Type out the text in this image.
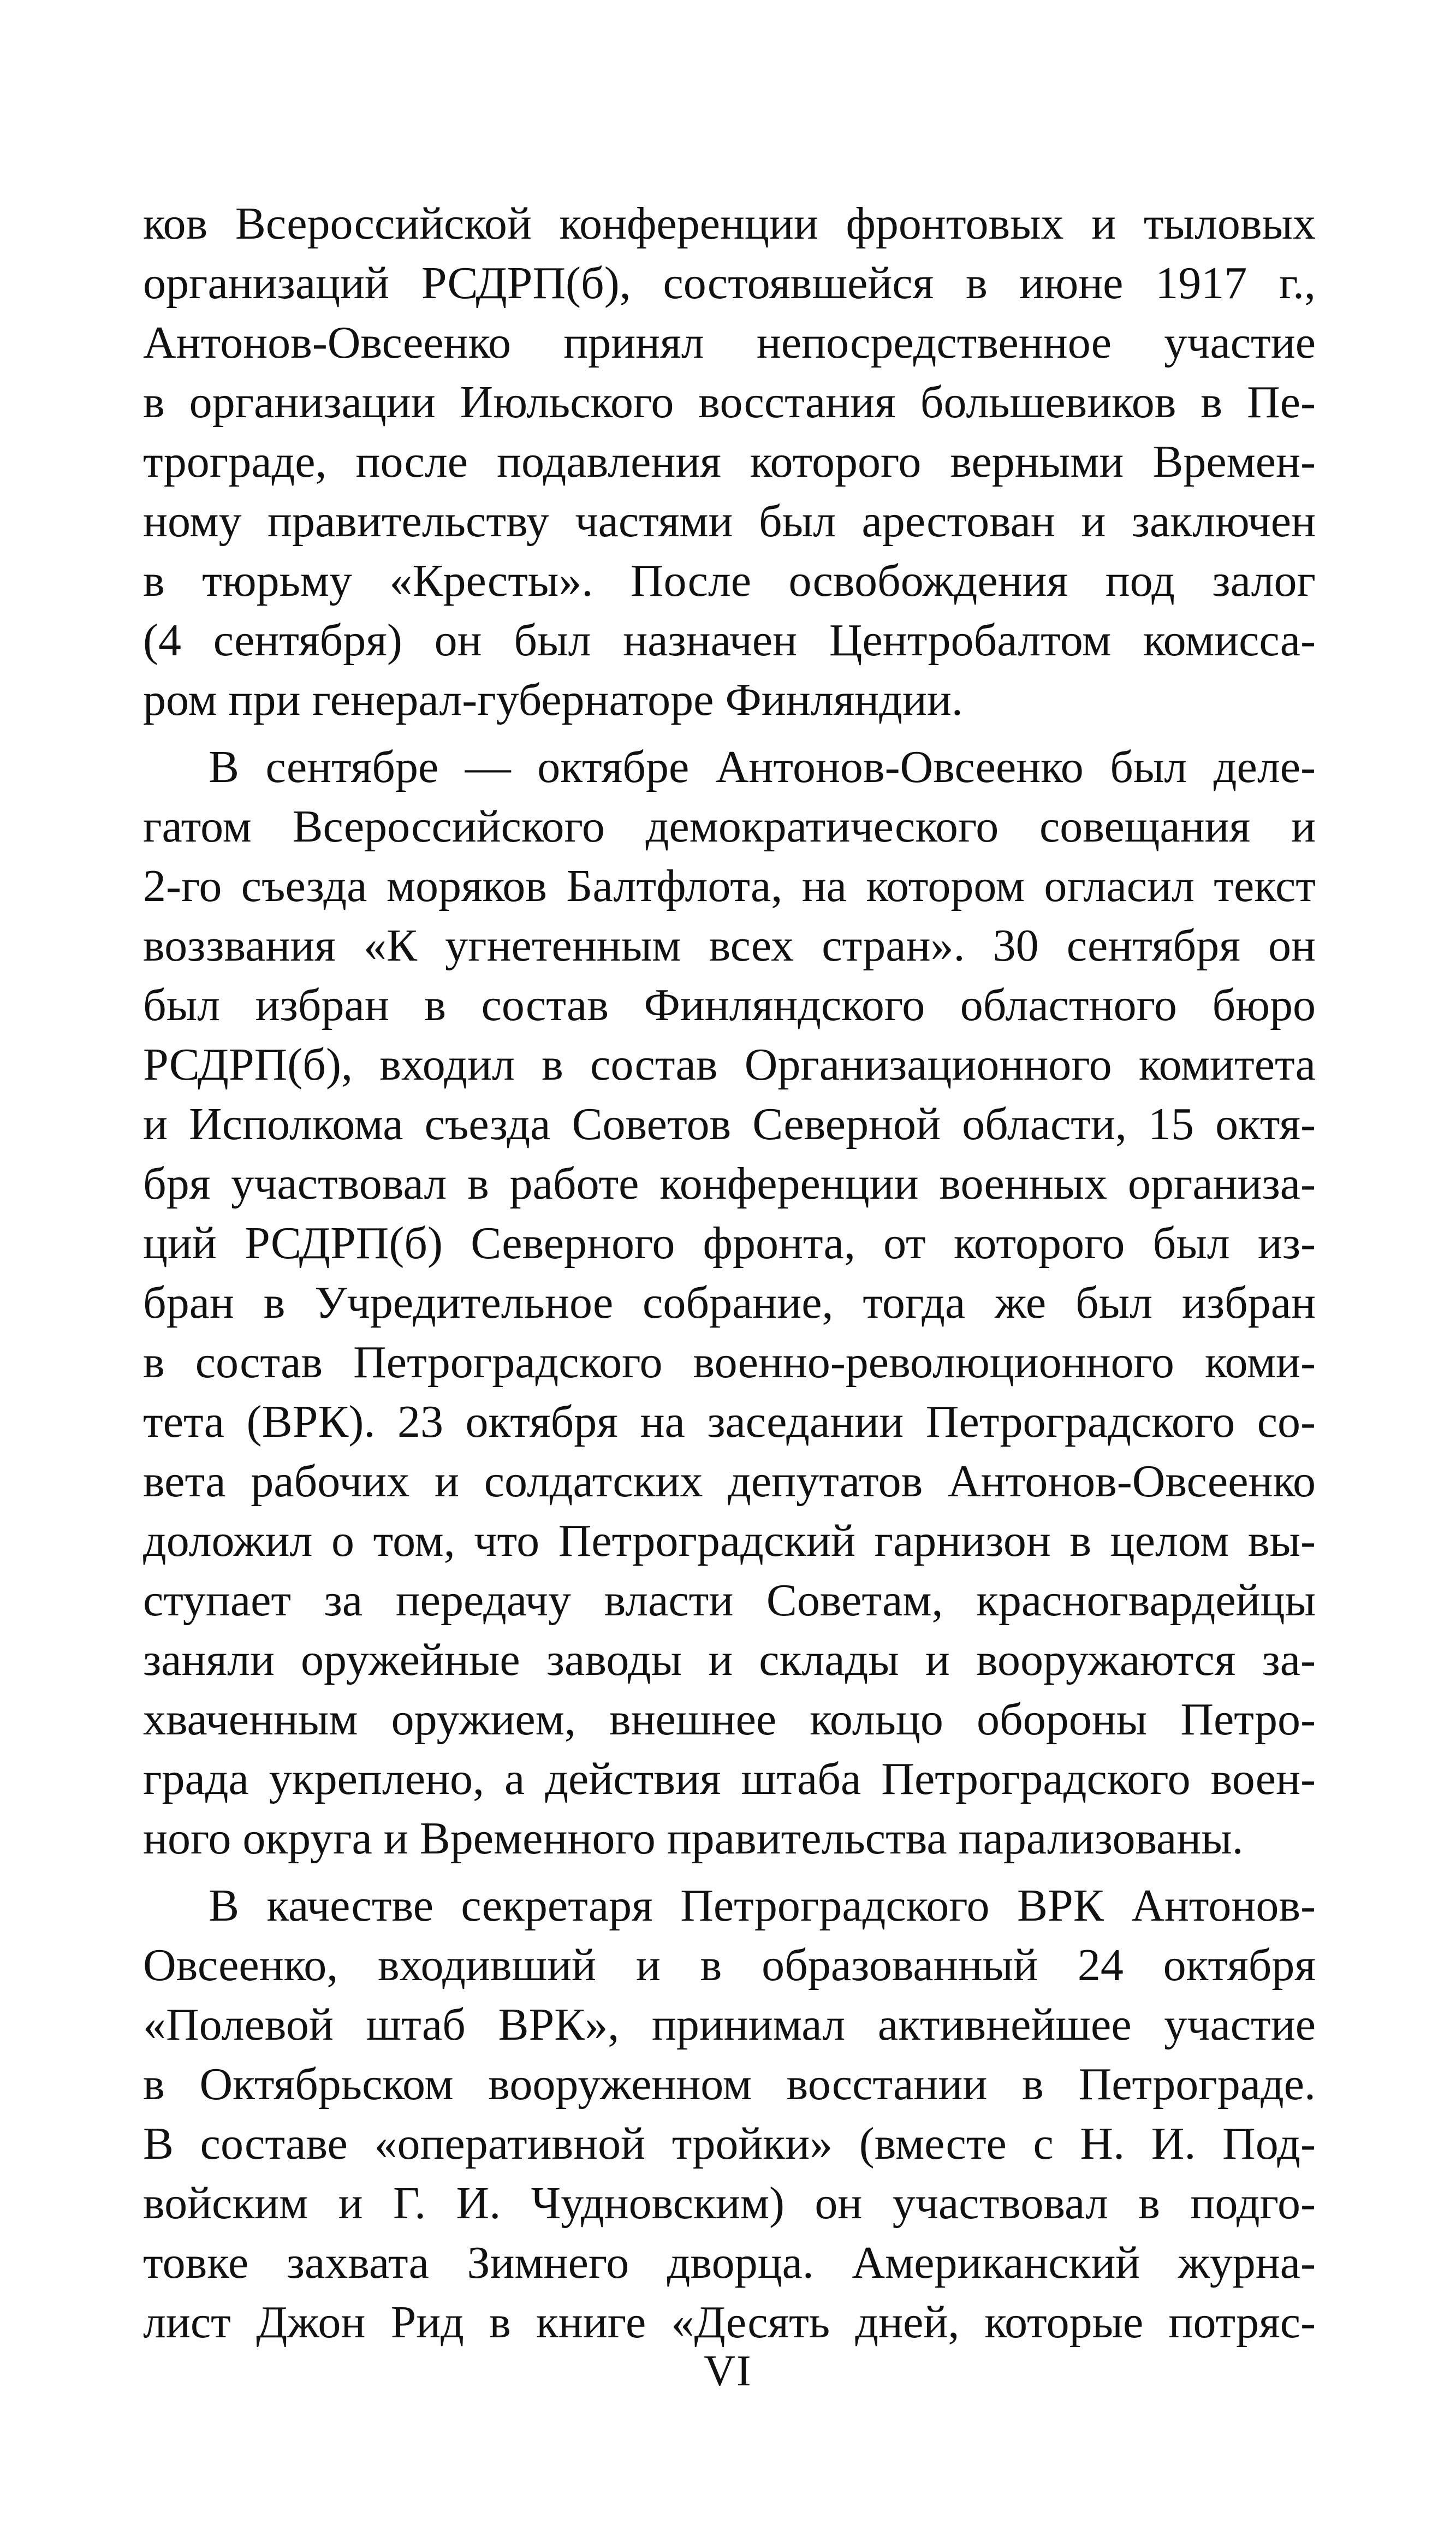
ков Всероссийской конференции фронтовых и тыловых
организаций РСДРП(б), состоявшейся в июне 1917 г.,
Антонов-Овсеенко принял непосредственное участие
в организации Июльского восстания большевиков в Пе-
трограде, после подавления которого верными Времен-
ному правительству частями был арестован и заключен
в тюрьму «Кресты». После освобождения под залог
(4 сентября) он был назначен Центробалтом комисса-
ром при генерал-губернаторе Финляндии.
В сентябре — октябре Антонов-Овсеенко был деле-
гатом Всероссийского демократического совещания и
2-го съезда моряков Балтфлота, на котором огласил текст
воззвания «К угнетенным всех стран». 30 сентября он
был избран в состав Финляндского областного бюро
РСДРП(б), входил в состав Организационного комитета
и Исполкома съезда Советов Северной области, 15 октя-
бря участвовал в работе конференции военных организа-
ций РСДРП(б) Северного фронта, от которого был из-
бран в Учредительное собрание, тогда же был избран
в состав Петроградского военно-революционного коми-
тета (ВРК). 23 октября на заседании Петроградского со-
вета рабочих и солдатских депутатов Антонов-Овсеенко
доложил о том, что Петроградский гарнизон в целом вы-
ступает за передачу власти Советам, красногвардейцы
заняли оружейные заводы и склады и вооружаются за-
хваченным оружием, внешнее кольцо обороны Петро-
града укреплено, а действия штаба Петроградского воен-
ного округа и Временного правительства парализованы.
В качестве секретаря Петроградского ВРК Антонов-
Овсеенко, входивший и в образованный 24 октября
«Полевой штаб ВРК», принимал активнейшее участие
в Октябрьском вооруженном восстании в Петрограде.
В составе «оперативной тройки» (вместе с Н. И. Под-
войским и Г. И. Чудновским) он участвовал в подго-
товке захвата Зимнего дворца. Американский журна-
лист Джон Рид в книге «Десять дней, которые потряс-
VI
